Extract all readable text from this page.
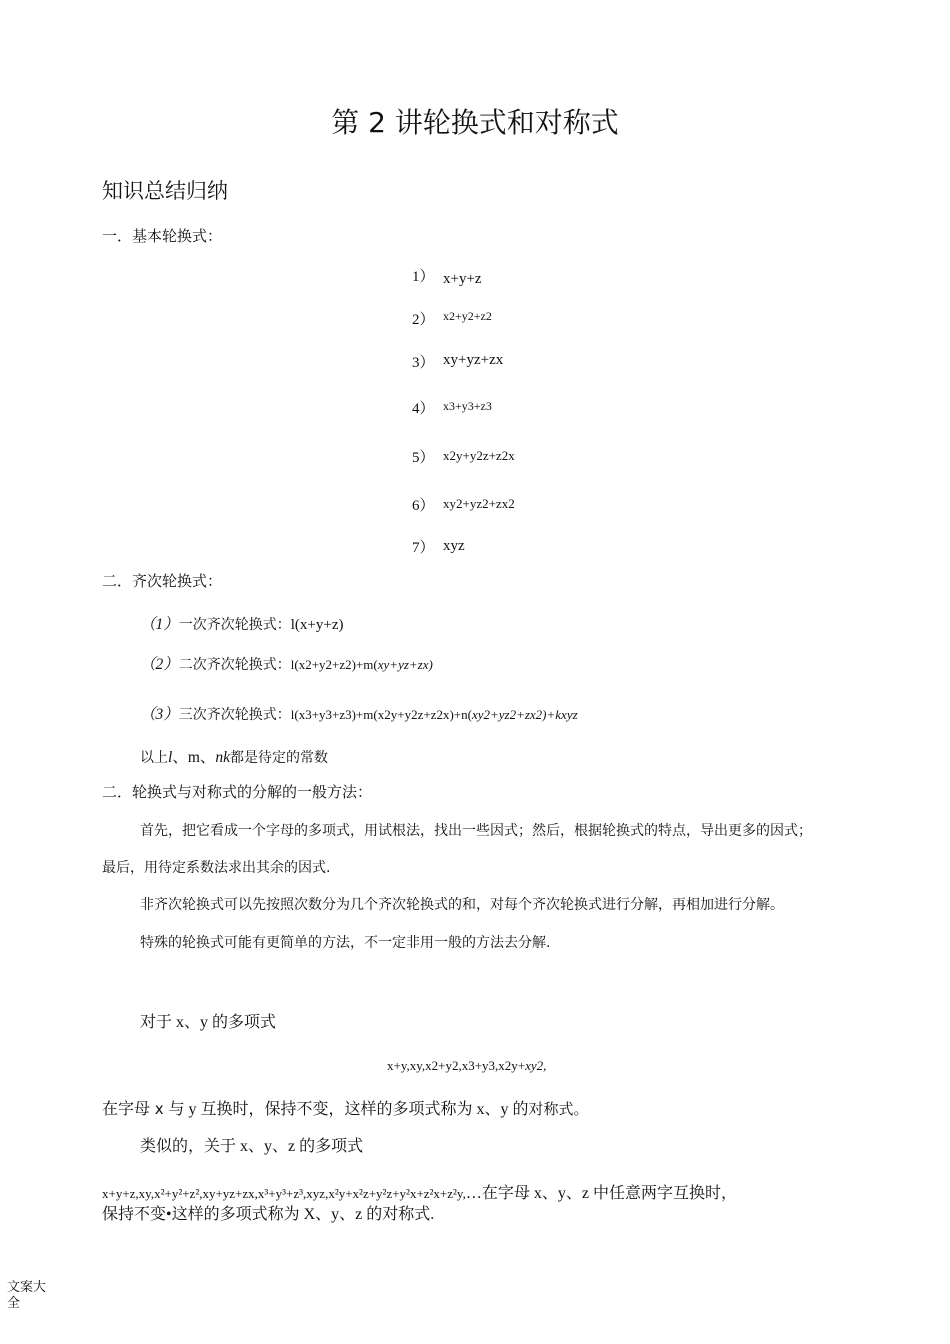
第 2 讲轮换式和对称式
知识总结归纳
一．基本轮换式：
1） x+y+z
2） x2+y2+z2
3） xy+yz+zx
4） x3+y3+z3
5） x2y+y2z+z2x
6） xy2+yz2+zx2
7） xyz
二．齐次轮换式：
（1）一次齐次轮换式：l(x+y+z)
（2）二次齐次轮换式：l(x2+y2+z2)+m(xy+yz+zx)
（3）三次齐次轮换式：l(x3+y3+z3)+m(x2y+y2z+z2x)+n(xy2+yz2+zx2)+kxyz
以上l、m、nk都是待定的常数
二．轮换式与对称式的分解的一般方法：
首先，把它看成一个字母的多项式，用试根法，找出一些因式；然后，根据轮换式的特点，导出更多的因式；
最后，用待定系数法求出其余的因式.
非齐次轮换式可以先按照次数分为几个齐次轮换式的和，对每个齐次轮换式进行分解，再相加进行分解。
特殊的轮换式可能有更简单的方法，不一定非用一般的方法去分解.
对于 x、y 的多项式
x+y,xy,x2+y2,x3+y3,x2y+xy2,
在字母 x 与 y 互换时，保持不变，这样的多项式称为 x、y 的对称式。
类似的，关于 x、y、z 的多项式
x+y+z,xy,x²+y²+z²,xy+yz+zx,x³+y³+z³,xyz,x²y+x²z+y²z+y²x+z²x+z²y,…在字母 x、y、z 中任意两字互换时，
保持不变•这样的多项式称为 X、y、z 的对称式.
文案大全
